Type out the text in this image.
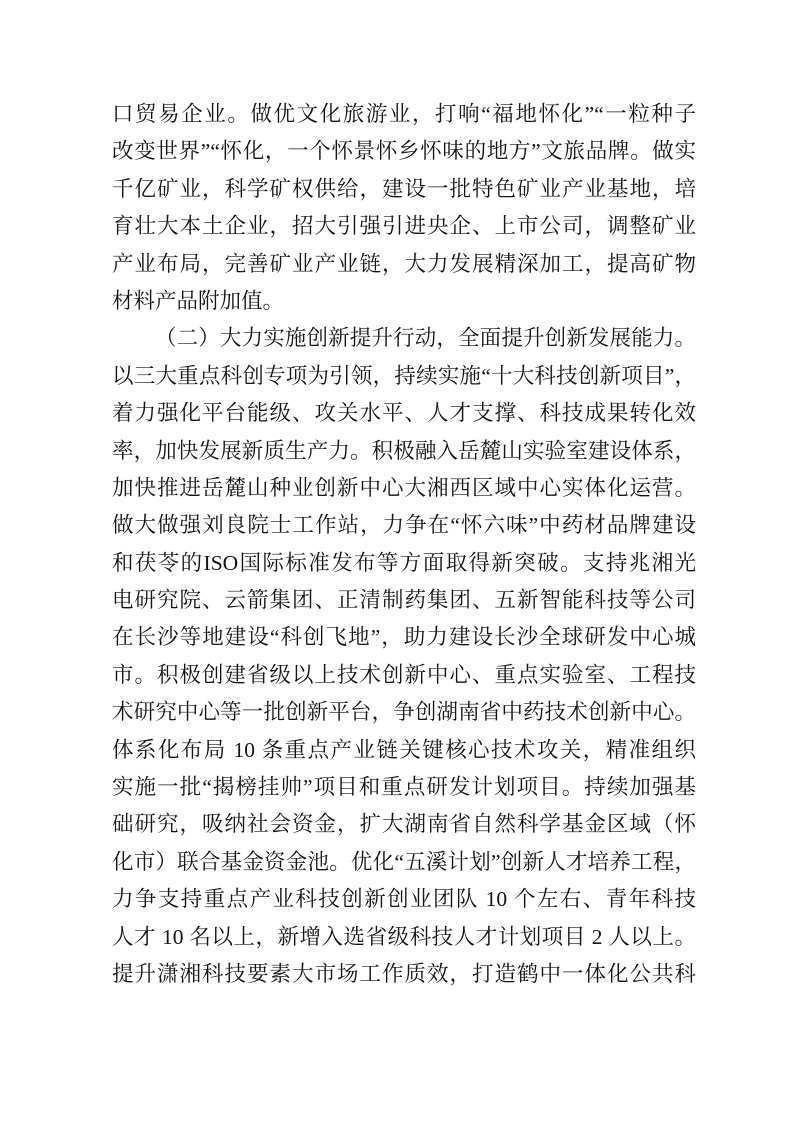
口贸易企业。做优文化旅游业，打响“福地怀化”“一粒种子
改变世界”“怀化，一个怀景怀乡怀味的地方”文旅品牌。做实
千亿矿业，科学矿权供给，建设一批特色矿业产业基地，培
育壮大本土企业，招大引强引进央企、上市公司，调整矿业
产业布局，完善矿业产业链，大力发展精深加工，提高矿物
材料产品附加值。
（二）大力实施创新提升行动，全面提升创新发展能力。
以三大重点科创专项为引领，持续实施“十大科技创新项目”，
着力强化平台能级、攻关水平、人才支撑、科技成果转化效
率，加快发展新质生产力。积极融入岳麓山实验室建设体系，
加快推进岳麓山种业创新中心大湘西区域中心实体化运营。
做大做强刘良院士工作站，力争在“怀六味”中药材品牌建设
和茯苓的ISO国际标准发布等方面取得新突破。支持兆湘光
电研究院、云箭集团、正清制药集团、五新智能科技等公司
在长沙等地建设“科创飞地”，助力建设长沙全球研发中心城
市。积极创建省级以上技术创新中心、重点实验室、工程技
术研究中心等一批创新平台，争创湖南省中药技术创新中心。
体系化布局 10 条重点产业链关键核心技术攻关，精准组织
实施一批“揭榜挂帅”项目和重点研发计划项目。持续加强基
础研究，吸纳社会资金，扩大湖南省自然科学基金区域（怀
化市）联合基金资金池。优化“五溪计划”创新人才培养工程，
力争支持重点产业科技创新创业团队 10 个左右、青年科技
人才 10 名以上，新增入选省级科技人才计划项目 2 人以上。
提升潇湘科技要素大市场工作质效，打造鹤中一体化公共科
